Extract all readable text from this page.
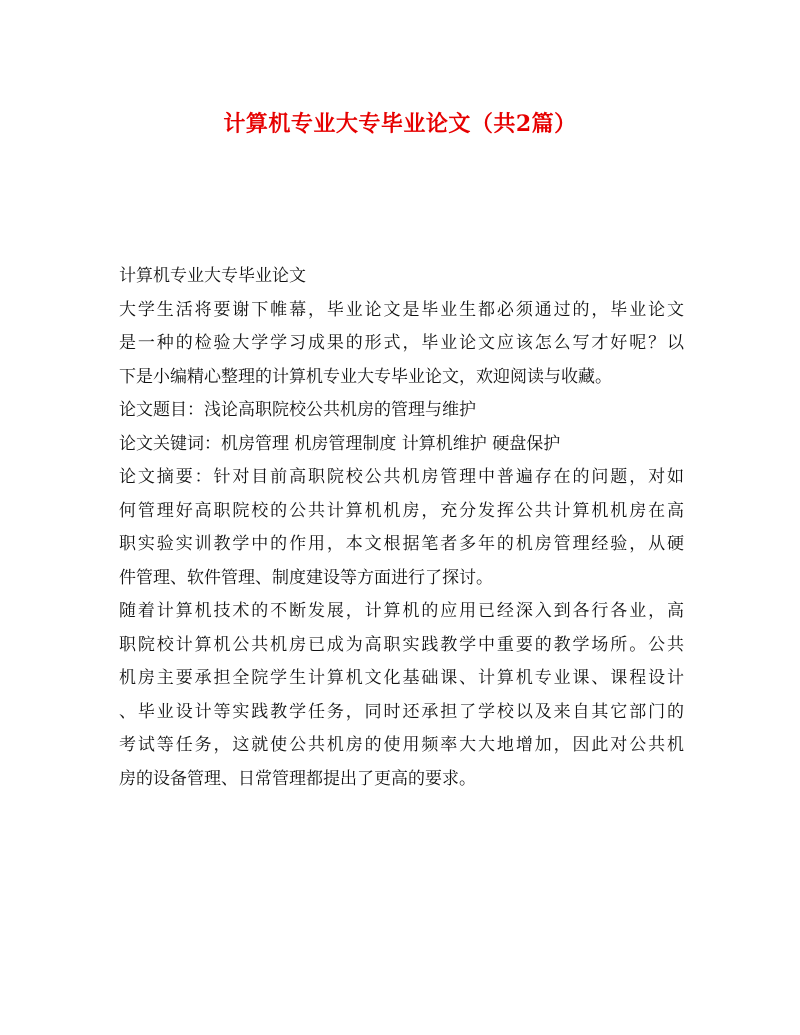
计算机专业大专毕业论文（共2篇）
计算机专业大专毕业论文
大学生活将要谢下帷幕，毕业论文是毕业生都必须通过的，毕业论文
是一种的检验大学学习成果的形式，毕业论文应该怎么写才好呢？以
下是小编精心整理的计算机专业大专毕业论文，欢迎阅读与收藏。
论文题目：浅论高职院校公共机房的管理与维护
论文关键词：机房管理 机房管理制度 计算机维护 硬盘保护
论文摘要：针对目前高职院校公共机房管理中普遍存在的问题，对如
何管理好高职院校的公共计算机机房，充分发挥公共计算机机房在高
职实验实训教学中的作用，本文根据笔者多年的机房管理经验，从硬
件管理、软件管理、制度建设等方面进行了探讨。
随着计算机技术的不断发展，计算机的应用已经深入到各行各业，高
职院校计算机公共机房已成为高职实践教学中重要的教学场所。公共
机房主要承担全院学生计算机文化基础课、计算机专业课、课程设计
、毕业设计等实践教学任务，同时还承担了学校以及来自其它部门的
考试等任务，这就使公共机房的使用频率大大地增加，因此对公共机
房的设备管理、日常管理都提出了更高的要求。
